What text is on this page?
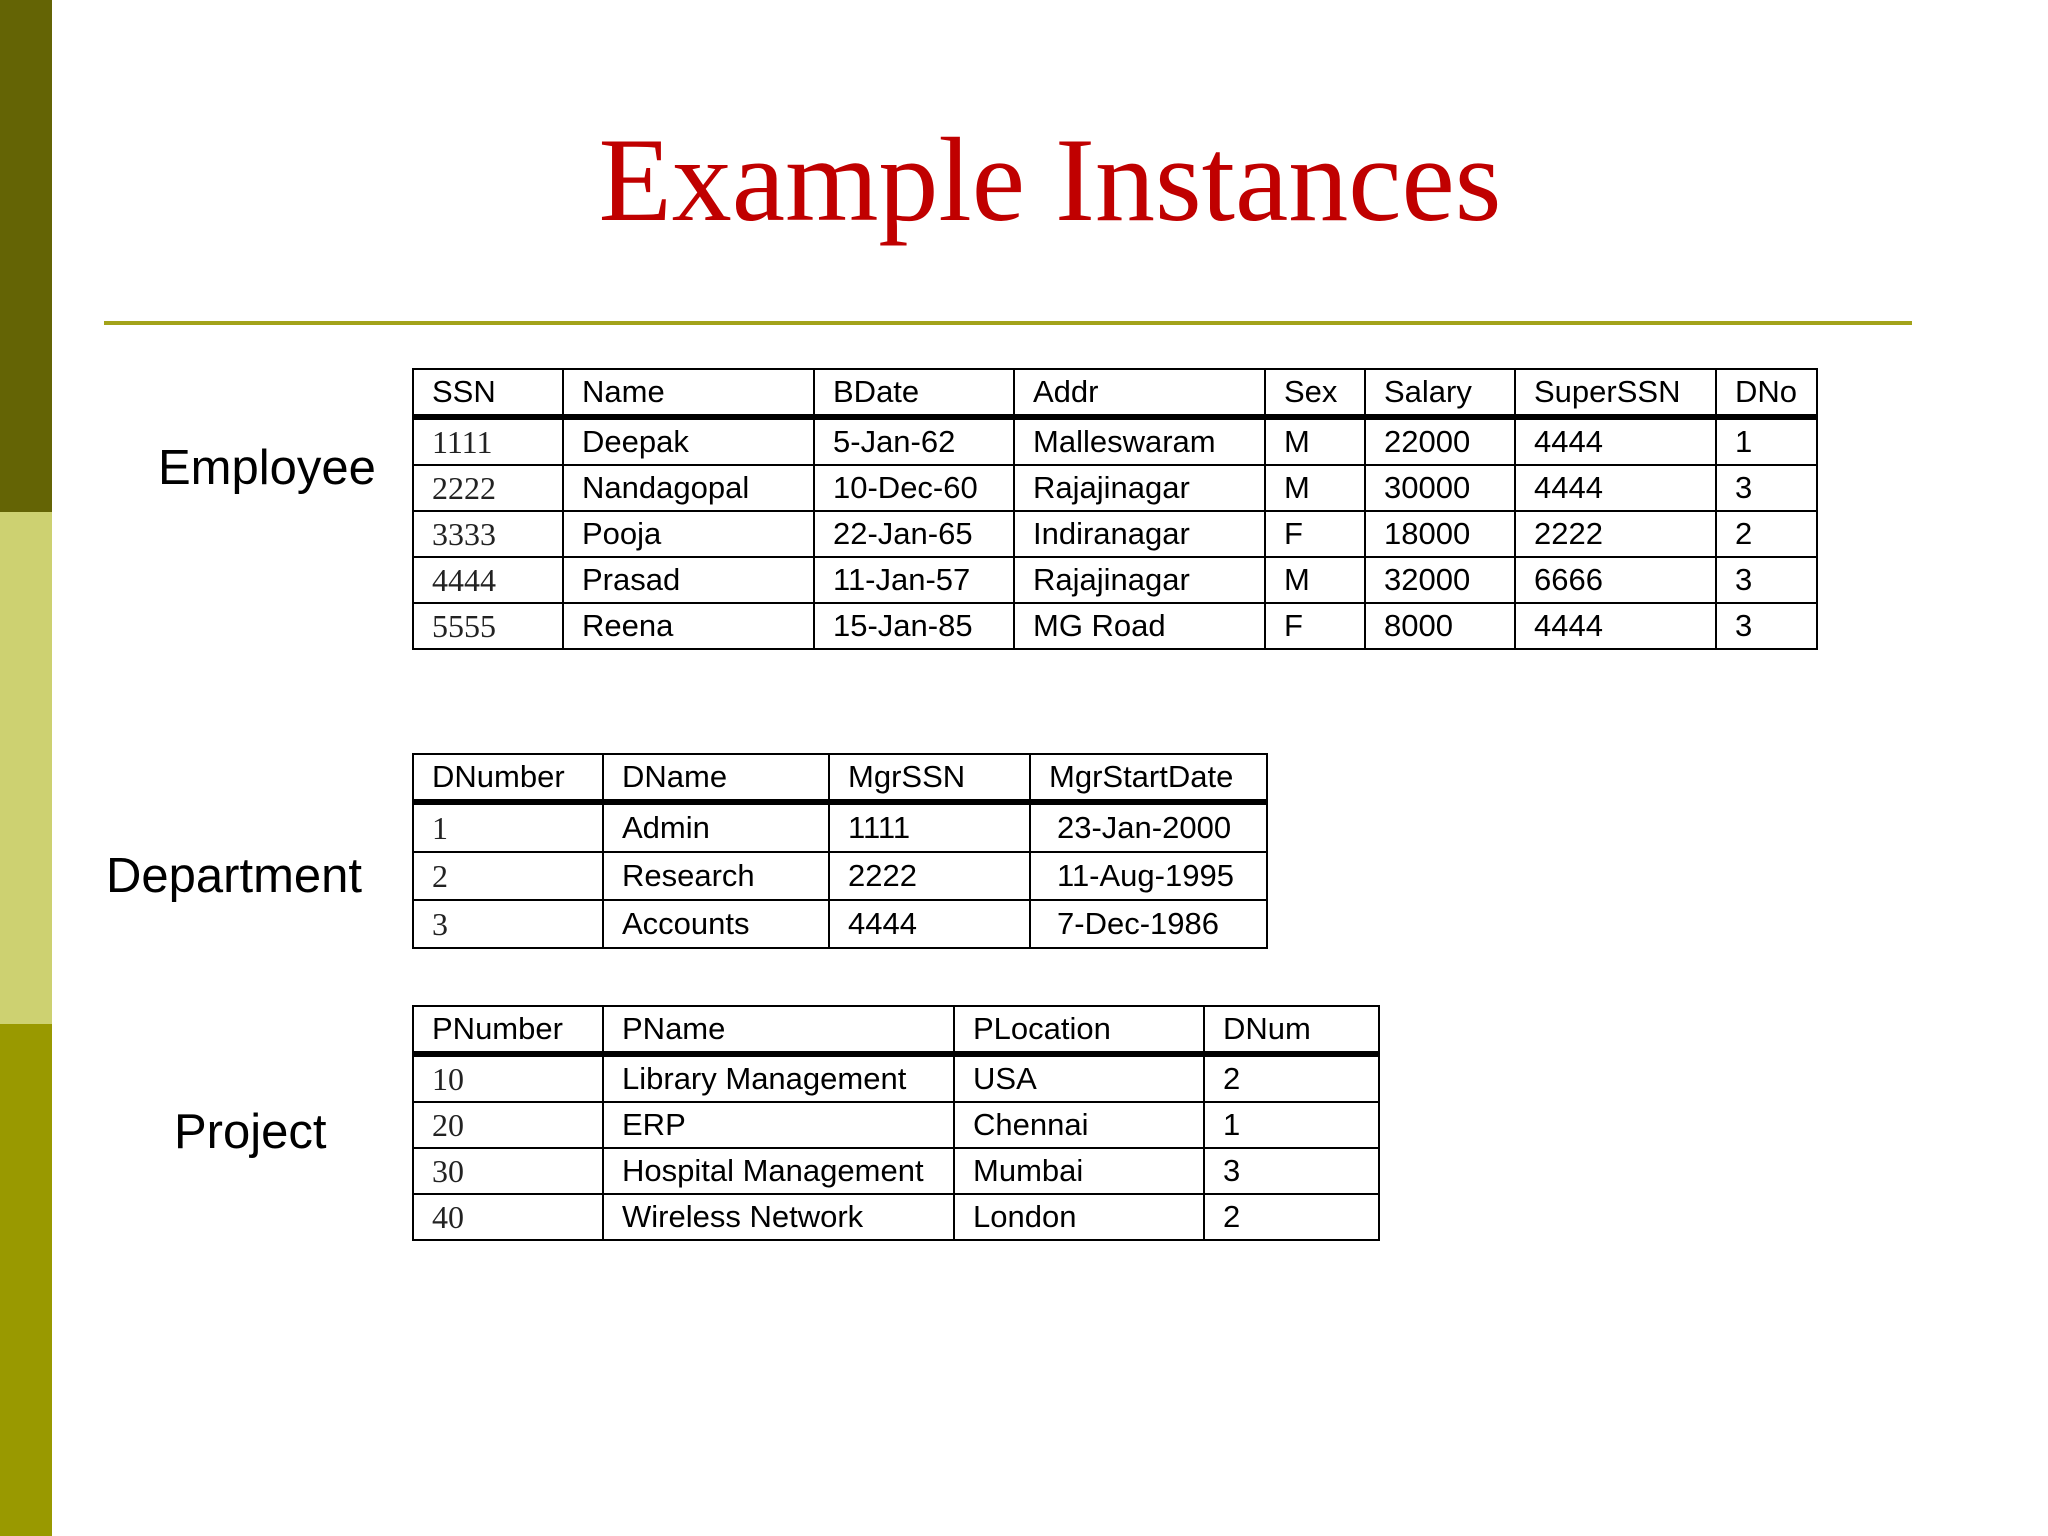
Example Instances
Employee
SSN	Name	BDate	Addr	Sex	Salary	SuperSSN	DNo
1111	Deepak	5-Jan-62	Malleswaram	M	22000	4444	1
2222	Nandagopal	10-Dec-60	Rajajinagar	M	30000	4444	3
3333	Pooja	22-Jan-65	Indiranagar	F	18000	2222	2
4444	Prasad	11-Jan-57	Rajajinagar	M	32000	6666	3
5555	Reena	15-Jan-85	MG Road	F	8000	4444	3
Department
DNumber	DName	MgrSSN	MgrStartDate
1	Admin	1111	23-Jan-2000
2	Research	2222	11-Aug-1995
3	Accounts	4444	7-Dec-1986
Project
PNumber	PName	PLocation	DNum
10	Library Management	USA	2
20	ERP	Chennai	1
30	Hospital Management	Mumbai	3
40	Wireless Network	London	2
